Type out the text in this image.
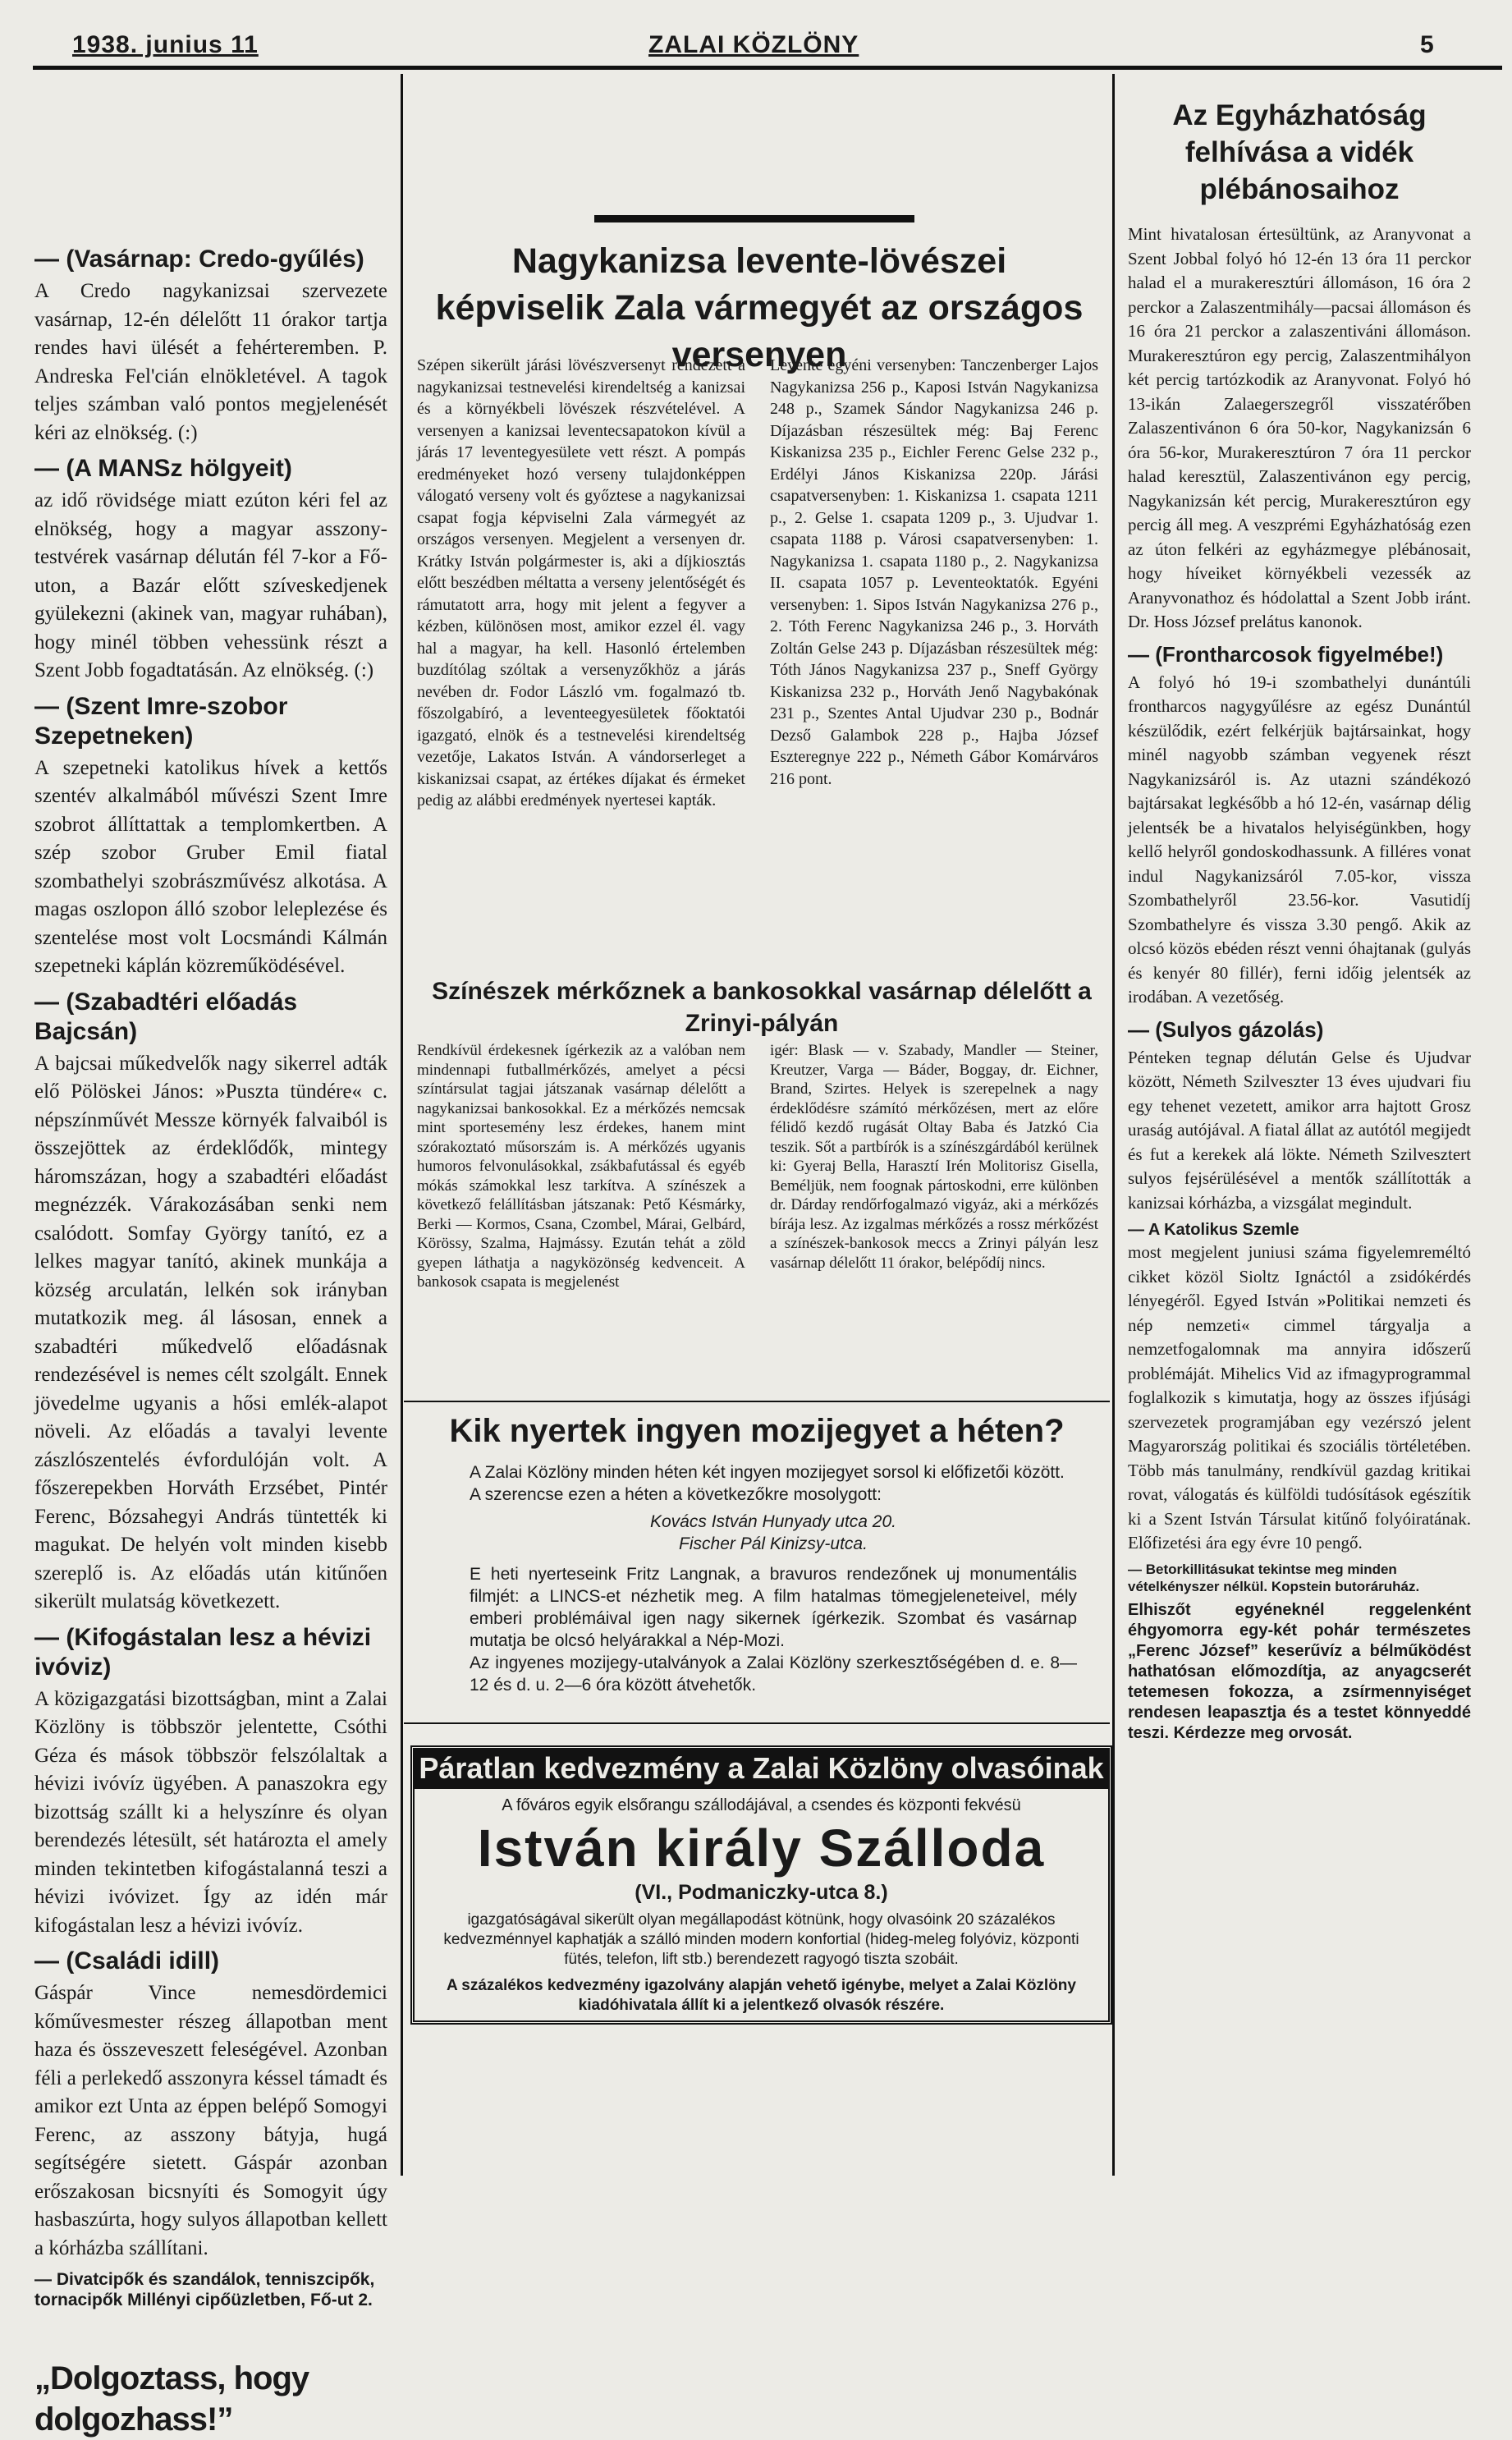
1938. junius 11	ZALAI KÖZLÖNY	5
— (Vasárnap: Credo-gyűlés)

A Credo nagykanizsai szervezete vasárnap, 12-én délelőtt 11 órakor tartja rendes havi ülését a fehérteremben. P. Andreska Fel'cián elnökletével. A tagok teljes számban való pontos megjelenését kéri az elnökség. (:)

— (A MANSz hölgyeit)

az idő rövidsége miatt ezúton kéri fel az elnökség, hogy a magyar asszony-testvérek vasárnap délután fél 7-kor a Fő-uton, a Bazár előtt szíveskedjenek gyülekezni (akinek van, magyar ruhában), hogy minél többen vehessünk részt a Szent Jobb fogadtatásán. Az elnökség. (:)

— (Szent Imre-szobor Szepetneken)

A szepetneki katolikus hívek a kettős szentév alkalmából művészi Szent Imre szobrot állíttattak a templomkertben. A szép szobor Gruber Emil fiatal szombathelyi szobrászművész alkotása. A magas oszlopon álló szobor leleplezése és szentelése most volt Locsmándi Kálmán szepetneki káplán közreműködésével.

— (Szabadtéri előadás Bajcsán)

A bajcsai műkedvelők nagy sikerrel adták elő Pölöskei János: »Puszta tündére« c. népszínművét Messze környék falvaiból is összejöttek az érdeklődők, mintegy háromszázan, hogy a szabadtéri előadást megnézzék. Várakozásában senki nem csalódott. Somfay György tanító, ez a lelkes magyar tanító, akinek munkája a község arculatán, lelkén sok irányban mutatkozik meg. ál lásosan, ennek a szabadtéri műkedvelő előadásnak rendezésével is nemes célt szolgált. Ennek jövedelme ugyanis a hősi emlék-alapot növeli. Az előadás a tavalyi levente zászlószentelés évfordulóján volt. A főszerepekben Horváth Erzsébet, Pintér Ferenc, Bózsahegyi András tüntették ki magukat. De helyén volt minden kisebb szereplő is. Az előadás után kitűnően sikerült mulatság következett.

— (Kifogástalan lesz a hévizi ivóviz)

A közigazgatási bizottságban, mint a Zalai Közlöny is többször jelentette, Csóthi Géza és mások többször felszólaltak a hévizi ivóvíz ügyében. A panaszokra egy bizottság szállt ki a helyszínre és olyan berendezés létesült, sét határozta el amely minden tekintetben kifogástalanná teszi a hévizi ivóvizet. Így az idén már kifogástalan lesz a hévizi ivóvíz.

— (Családi idill)

Gáspár Vince nemesdördemici kőművesmester részeg állapotban ment haza és összeveszett feleségével. Azonban féli a perlekedő asszonyra késsel támadt és amikor ezt Unta az éppen belépő Somogyi Ferenc, az asszony bátyja, hugá segítségére sietett. Gáspár azonban erőszakosan bicsnyíti és Somogyit úgy hasbaszúrta, hogy sulyos állapotban kellett a kórházba szállítani.

— Divatcipők és szandálok, tenniszcipők, tornacipők Millényi cipőüzletben, Fő-ut 2.
„Dolgoztass, hogy dolgozhass!”
Nagykanizsa levente-lövészei képviselik Zala vármegyét az országos versenyen

Szépen sikerült járási lövészversenyt rendezett a nagykanizsai testnevelési kirendeltség a kanizsai és a környékbeli lövészek részvételével. A versenyen a kanizsai leventecsapatokon kívül a járás 17 leventegyesülete vett részt. A pompás eredményeket hozó verseny tulajdonképpen válogató verseny volt és győztese a nagykanizsai csapat fogja képviselni Zala vármegyét az országos versenyen. Megjelent a versenyen dr. Krátky István polgármester is, aki a díjkiosztás előtt beszédben méltatta a verseny jelentőségét és rámutatott arra, hogy mit jelent a fegyver a kézben, különösen most, amikor ezzel él. vagy hal a magyar, ha kell. Hasonló értelemben buzdítólag szóltak a versenyzőkhöz a járás nevében dr. Fodor László vm. fogalmazó tb. főszolgabíró, a leventeegyesületek főoktatói igazgató, elnök és a testnevelési kirendeltség vezetője, Lakatos István. A vándorserleget a kiskanizsai csapat, az értékes díjakat és érmeket pedig az alábbi eredmények nyertesei kapták.

Levente egyéni versenyben: Tanczenberger Lajos Nagykanizsa 256 p., Kaposi István Nagykanizsa 248 p., Szamek Sándor Nagykanizsa 246 p. Díjazásban részesültek még: Baj Ferenc Kiskanizsa 235 p., Eichler Ferenc Gelse 232 p., Erdélyi János Kiskanizsa 220p. Járási csapatversenyben: 1. Kiskanizsa 1. csapata 1211 p., 2. Gelse 1. csapata 1209 p., 3. Ujudvar 1. csapata 1188 p. Városi csapatversenyben: 1. Nagykanizsa 1. csapata 1180 p., 2. Nagykanizsa II. csapata 1057 p. Leventeoktatók. Egyéni versenyben: 1. Sipos István Nagykanizsa 276 p., 2. Tóth Ferenc Nagykanizsa 246 p., 3. Horváth Zoltán Gelse 243 p. Díjazásban részesültek még: Tóth János Nagykanizsa 237 p., Sneff György Kiskanizsa 232 p., Horváth Jenő Nagybakónak 231 p., Szentes Antal Ujudvar 230 p., Bodnár Dezső Galambok 228 p., Hajba József Eszteregnye 222 p., Németh Gábor Komárváros 216 pont.

Színészek mérkőznek a bankosokkal vasárnap délelőtt a Zrinyi-pályán

Rendkívül érdekesnek ígérkezik az a valóban nem mindennapi futballmérkőzés, amelyet a pécsi színtársulat tagjai játszanak vasárnap délelőtt a nagykanizsai bankosokkal. Ez a mérkőzés nemcsak mint sportesemény lesz érdekes, hanem mint szórakoztató műsorszám is. A mérkőzés ugyanis humoros felvonulásokkal, zsákbafutással és egyéb mókás számokkal lesz tarkítva. A színészek a következő felállításban játszanak: Pető Késmárky, Berki — Kormos, Csana, Czombel, Márai, Gelbárd, Körössy, Szalma, Hajmássy. Ezután tehát a zöld gyepen láthatja a nagyközönség kedvenceit. A bankosok csapata is megjelenést

igér: Blask — v. Szabady, Mandler — Steiner, Kreutzer, Varga — Báder, Boggay, dr. Eichner, Brand, Szirtes. Helyek is szerepelnek a nagy érdeklődésre számító mérkőzésen, mert az előre félidő kezdő rugását Oltay Baba és Jatzkó Cia teszik. Sőt a partbírók is a színészgárdából kerülnek ki: Gyeraj Bella, Harasztí Irén Molitorisz Gisella, Beméljük, nem foognak pártoskodni, erre különben dr. Dárday rendőrfogalmazó vigyáz, aki a mérkőzés bírája lesz. Az izgalmas mérkőzés a rossz mérkőzést a színészek-bankosok meccs a Zrinyi pályán lesz vasárnap délelőtt 11 órakor, belépődíj nincs.

Kik nyertek ingyen mozijegyet a héten?
A Zalai Közlöny minden héten két ingyen mozijegyet sorsol ki előfizetői között.
A szerencse ezen a héten a következőkre mosolygott:
Kovács István Hunyady utca 20.
Fischer Pál Kinizsy-utca.
E heti nyerteseink Fritz Langnak, a bravuros rendezőnek uj monumentális filmjét: a LINCS-et nézhetik meg. A film hatalmas tömegjeleneteivel, mély emberi problémáival igen nagy sikernek ígérkezik. Szombat és vasárnap mutatja be olcsó helyárakkal a Nép-Mozi.
Az ingyenes mozijegy-utalványok a Zalai Közlöny szerkesztőségében d. e. 8—12 és d. u. 2—6 óra között átvehetők.
Páratlan kedvezmény a Zalai Közlöny olvasóinak
A főváros egyik elsőrangu szállodájával, a csendes és központi fekvésü
István király Szálloda
(VI., Podmaniczky-utca 8.)
igazgatóságával sikerült olyan megállapodást kötnünk, hogy olvasóink 20 százalékos kedvezménnyel kaphatják a szálló minden modern konfortial (hideg-meleg folyóviz, központi fütés, telefon, lift stb.) berendezett ragyogó tiszta szobáit.
A százalékos kedvezmény igazolvány alapján vehető igénybe, melyet a Zalai Közlöny kiadóhivatala állít ki a jelentkező olvasók részére.
Az Egyházhatóság felhívása a vidék plébánosaihoz

Mint hivatalosan értesültünk, az Aranyvonat a Szent Jobbal folyó hó 12-én 13 óra 11 perckor halad el a murakeresztúri állomáson, 16 óra 2 perckor a Zalaszentmihály—pacsai állomáson és 16 óra 21 perckor a zalaszentiváni állomáson. Murakeresztúron egy percig, Zalaszentmihályon két percig tartózkodik az Aranyvonat. Folyó hó 13-ikán Zalaegerszegről visszatérőben Zalaszentivánon 6 óra 50-kor, Nagykanizsán 6 óra 56-kor, Murakeresztúron 7 óra 11 perckor halad keresztül, Zalaszentivánon egy percig, Nagykanizsán két percig, Murakeresztúron egy percig áll meg. A veszprémi Egyházhatóság ezen az úton felkéri az egyházmegye plébánosait, hogy híveiket környékbeli vezessék az Aranyvonathoz és hódolattal a Szent Jobb iránt. Dr. Hoss József prelátus kanonok.

— (Frontharcosok figyelmébe!)

A folyó hó 19-i szombathelyi dunántúli frontharcos nagygyűlésre az egész Dunántúl készülődik, ezért felkérjük bajtársainkat, hogy minél nagyobb számban vegyenek részt Nagykanizsáról is. Az utazni szándékozó bajtársakat legkésőbb a hó 12-én, vasárnap délig jelentsék be a hivatalos helyiségünkben, hogy kellő helyről gondoskodhassunk. A filléres vonat indul Nagykanizsáról 7.05-kor, vissza Szombathelyről 23.56-kor. Vasutidíj Szombathelyre és vissza 3.30 pengő. Akik az olcsó közös ebéden részt venni óhajtanak (gulyás és kenyér 80 fillér), ferni időig jelentsék az irodában. A vezetőség.

— (Sulyos gázolás)

Pénteken tegnap délután Gelse és Ujudvar között, Németh Szilveszter 13 éves ujudvari fiu egy tehenet vezetett, amikor arra hajtott Grosz uraság autójával. A fiatal állat az autótól megijedt és fut a kerekek alá lökte. Németh Szilvesztert sulyos fejsérülésével a mentők szállították a kanizsai kórházba, a vizsgálat megindult.

— A Katolikus Szemle

most megjelent juniusi száma figyelemreméltó cikket közöl Sioltz Ignáctól a zsidókérdés lényegéről. Egyed István »Politikai nemzeti és nép nemzeti« cimmel tárgyalja a nemzetfogalomnak ma annyira időszerű problémáját. Mihelics Vid az ifmagyprogrammal foglalkozik s kimutatja, hogy az összes ifjúsági szervezetek programjában egy vezérszó jelent Magyarország politikai és szociális törtéletében. Több más tanulmány, rendkívül gazdag kritikai rovat, válogatás és külföldi tudósítások egészítik ki a Szent István Társulat kitűnő folyóiratának. Előfizetési ára egy évre 10 pengő.

— Betorkillitásukat tekintse meg minden vételkényszer nélkül. Kopstein butoráruház.
Elhiszőt egyéneknél reggelenként éhgyomorra egy-két pohár természetes „Ferenc József” keserűvíz a bélműködést hathatósan előmozdítja, az anyagcserét tetemesen fokozza, a zsírmennyiséget rendesen leapasztja és a testet könnyeddé teszi. Kérdezze meg orvosát.
